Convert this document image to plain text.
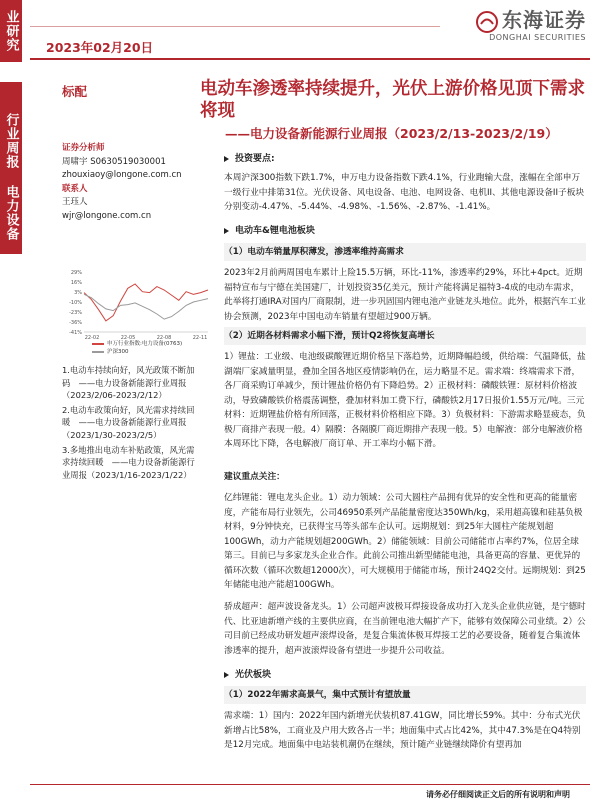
业研究
行业周报
电力设备
2023年02月20日
东海证券
DONGHAI SECURITIES
标配	电动车渗透率持续提升，光伏上游价格见顶下需求将现
——电力设备新能源行业周报（2023/2/13-2023/2/19）
证券分析师
周啸宇 S0630519030001
zhouxiaoy@longone.com.cn
联系人
王珏人
wjr@longone.com.cn
29%
16%
3%
-10%
-23%
-36%
-41%
22-02	22-05	22-08	22-11
申万行业指数:电力设备(0763)
沪深300
1.电动车持续向好，风光政策不断加码　——电力设备新能源行业周报（2023/2/06-2023/2/12）
2.电动车政策向好，风光需求持续回暖　——电力设备新能源行业周报（2023/1/30-2023/2/5）
3.多地推出电动车补贴政策，风光需求持续回暖　——电力设备新能源行业周报（2023/1/16-2023/1/22）
投资要点:
本周沪深300指数下跌1.7%，申万电力设备指数下跌4.1%，行业跑输大盘，涨幅在全部申万一级行业中排第31位。光伏设备、风电设备、电池、电网设备、电机II、其他电源设备II子板块分别变动-4.47%、-5.44%、-4.98%、-1.56%、-2.87%、-1.41%。
电动车&锂电池板块
（1）电动车销量厚积薄发，渗透率维持高需求
2023年2月前两周国电车累计上险15.5万辆，环比-11%，渗透率约29%，环比+4pct。近期福特宣布与宁德在美国建厂，计划投资35亿美元，预计产能将满足福特3-4成的电动车需求，此举将打通IRA对国内厂商限制，进一步巩固国内锂电池产业链龙头地位。此外，根据汽车工业协会预测，2023年中国电动车销量有望超过900万辆。
（2）近期各材料需求小幅下滑，预计Q2将恢复高增长
1）锂盐：工业级、电池级碳酸锂近期价格呈下落趋势，近期降幅趋缓，供给端：气温降低，盐湖端厂家减量明显，叠加全国各地区疫情影响仍在，运力略显不足。需求端：终端需求下滑，各厂商采购订单减少，预计锂盐价格仍有下降趋势。2）正极材料：磷酸铁锂：原材料价格波动，导致磷酸铁价格震荡调整，叠加材料加工费下行，磷酸铁2月17日报价1.55万元/吨。三元材料：近期锂盐价格有所回落，正极材料价格相应下降。3）负极材料：下游需求略显疲态，负极厂商排产表现一般。4）隔膜：各隔膜厂商近期排产表现一般。5）电解液：部分电解液价格本周环比下降，各电解液厂商订单、开工率均小幅下滑。
建议重点关注：
亿纬锂能：锂电龙头企业。1）动力领域：公司大圆柱产品拥有优异的安全性和更高的能量密度，产能布局行业领先，公司46950系列产品能量密度达350Wh/kg，采用超高镍和硅基负极材料，9分钟快充，已获得宝马等头部车企认可。远期规划：到25年大圆柱产能规划超100GWh，动力产能规划超200GWh。2）储能领域：目前公司储能市占率约7%，位居全球第三。目前已与多家龙头企业合作。此前公司推出新型储能电池，具备更高的容量、更优异的循环次数（循环次数超12000次），可大规模用于储能市场，预计24Q2交付。远期规划：到25年储能电池产能超100GWh。
骄成超声：超声波设备龙头。1）公司超声波极耳焊接设备成功打入龙头企业供应链，是宁德时代、比亚迪新增产线的主要供应商，在当前锂电池大幅扩产下，能够有效保障公司业绩。2）公司目前已经成功研发超声滚焊设备，是复合集流体极耳焊接工艺的必要设备，随着复合集流体渗透率的提升，超声波滚焊设备有望进一步提升公司收益。
光伏板块
（1）2022年需求高景气，集中式预计有望放量
需求端：1）国内：2022年国内新增光伏装机87.41GW，同比增长59%。其中：分布式光伏新增占比58%，工商业及户用大致各占一半；地面集中式占比42%，其中47.3%是在Q4特别是12月完成。地面集中电站装机潮仍在继续，预计随产业链继续降价有望再加
请务必仔细阅读正文后的所有说明和声明
